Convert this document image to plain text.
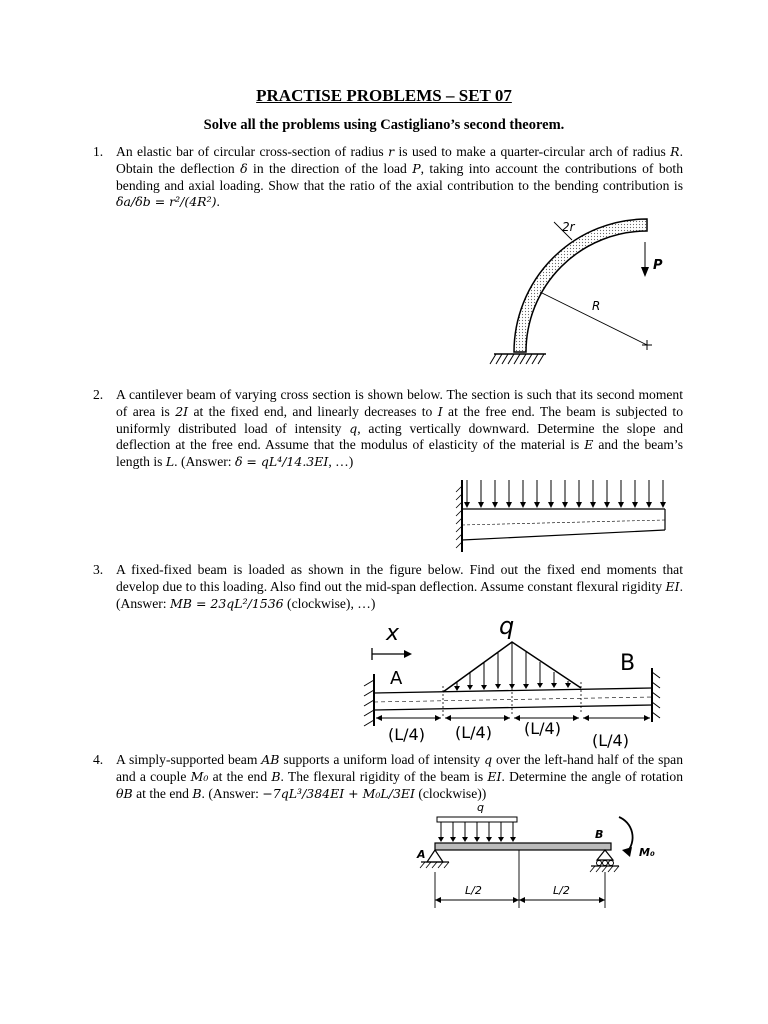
PRACTISE PROBLEMS – SET 07
Solve all the problems using Castigliano’s second theorem.
1. An elastic bar of circular cross-section of radius r is used to make a quarter-circular arch of radius R. Obtain the deflection δ in the direction of the load P, taking into account the contributions of both bending and axial loading. Show that the ratio of the axial contribution to the bending contribution is δa/δb = r²/(4R²).
2r
P
R
2. A cantilever beam of varying cross section is shown below. The section is such that its second moment of area is 2I at the fixed end, and linearly decreases to I at the free end. The beam is subjected to uniformly distributed load of intensity q, acting vertically downward. Determine the slope and deflection at the free end. Assume that the modulus of elasticity of the material is E and the beam’s length is L. (Answer: δ = qL⁴/14.3EI, …)
3. A fixed-fixed beam is loaded as shown in the figure below. Find out the fixed end moments that develop due to this loading. Also find out the mid-span deflection. Assume constant flexural rigidity EI. (Answer: MB = 23qL²/1536 (clockwise), …)
x	q
A
B
(L/4) (L/4) (L/4)
(L/4)
4. A simply-supported beam AB supports a uniform load of intensity q over the left-hand half of the span and a couple M₀ at the end B. The flexural rigidity of the beam is EI. Determine the angle of rotation θB at the end B. (Answer: −7qL³/384EI + M₀L/3EI (clockwise))
q
A
B
M₀
L/2	L/2
